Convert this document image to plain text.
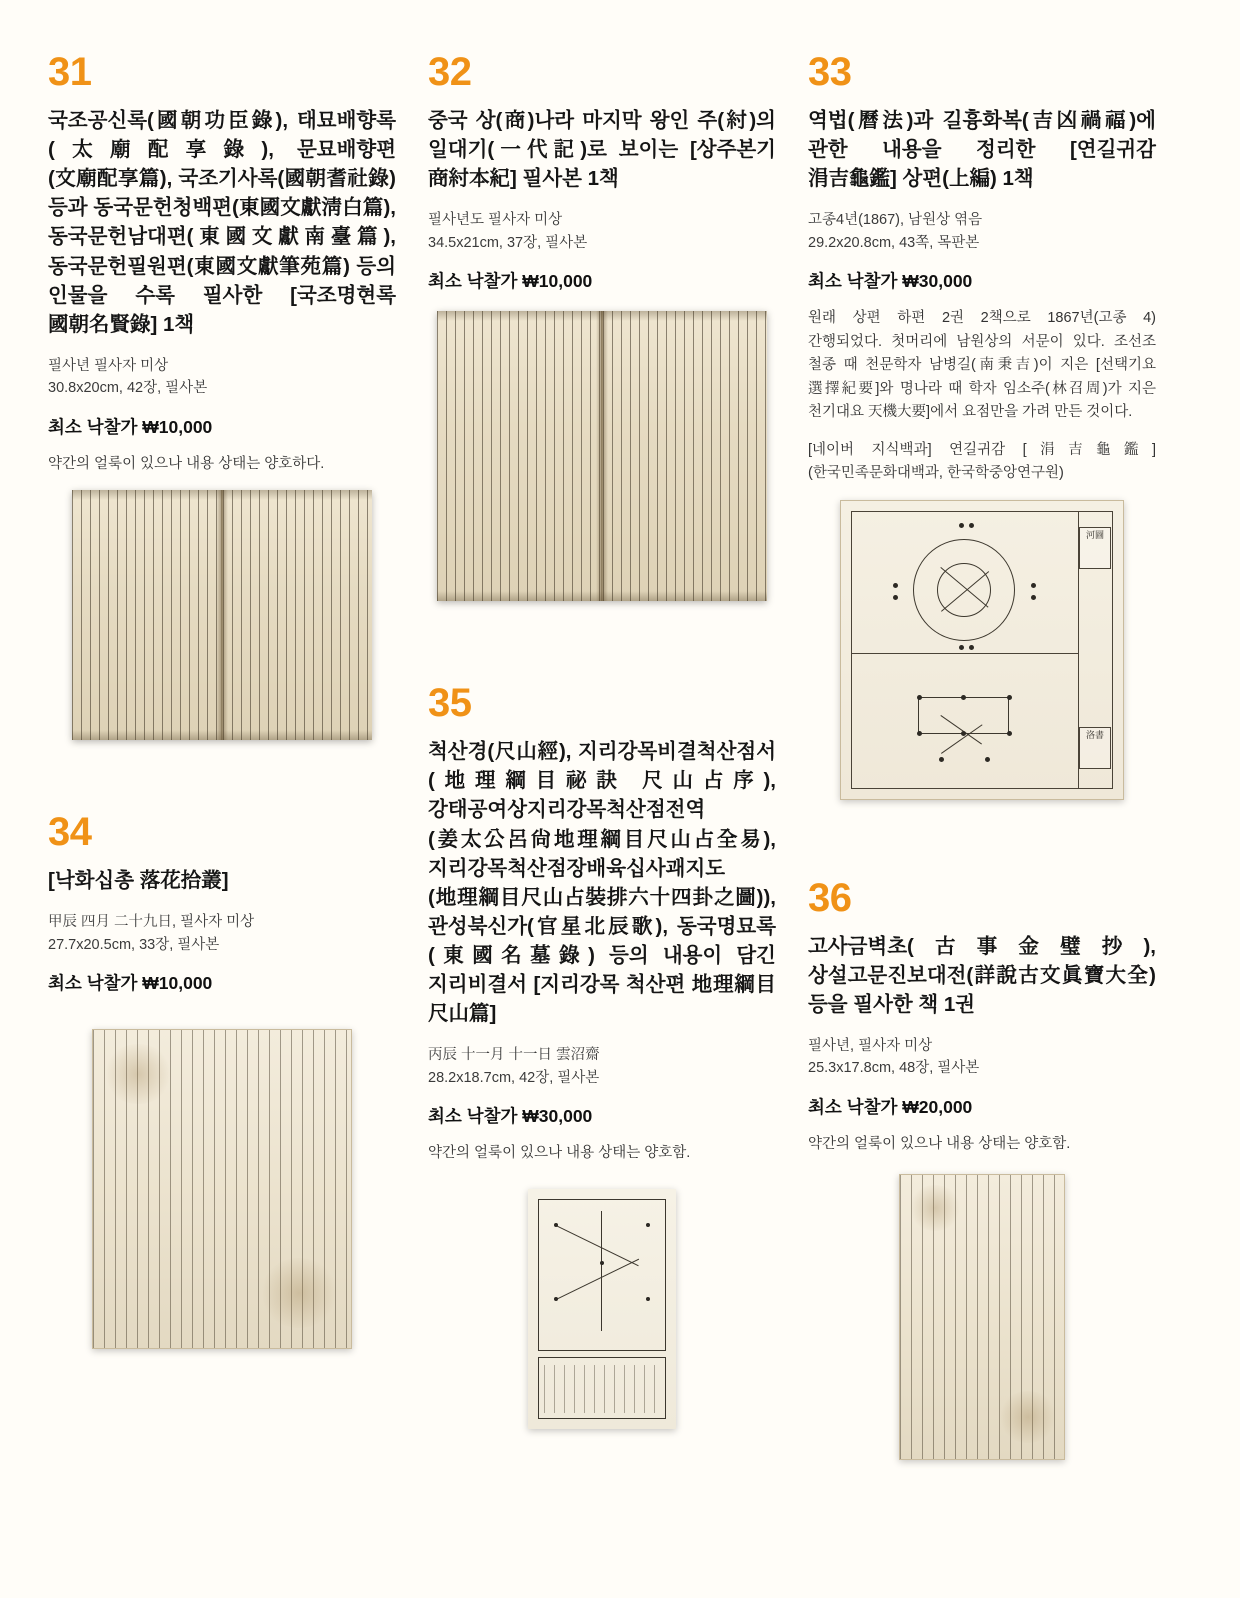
31
국조공신록(國朝功臣錄), 태묘배향록(太廟配享錄), 문묘배향편(文廟配享篇), 국조기사록(國朝耆社錄) 등과 동국문헌청백편(東國文獻淸白篇), 동국문헌남대편(東國文獻南臺篇), 동국문헌필원편(東國文獻筆苑篇) 등의 인물을 수록 필사한 [국조명현록 國朝名賢錄] 1책
필사년 필사자 미상
30.8x20cm, 42장, 필사본
최소 낙찰가 ₩10,000
약간의 얼룩이 있으나 내용 상태는 양호하다.
34
[낙화십총 落花拾叢]
甲辰 四月 二十九日, 필사자 미상
27.7x20.5cm, 33장, 필사본
최소 낙찰가 ₩10,000
32
중국 상(商)나라 마지막 왕인 주(紂)의 일대기(一代記)로 보이는 [상주본기 商紂本紀] 필사본 1책
필사년도 필사자 미상
34.5x21cm, 37장, 필사본
최소 낙찰가 ₩10,000
35
척산경(尺山經), 지리강목비결척산점서(地理綱目祕訣 尺山占序), 강태공여상지리강목척산점전역(姜太公呂尙地理綱目尺山占全易), 지리강목척산점장배육십사괘지도(地理綱目尺山占裝排六十四卦之圖)), 관성북신가(官星北辰歌), 동국명묘록(東國名墓錄) 등의 내용이 담긴 지리비결서 [지리강목 척산편 地理綱目 尺山篇]
丙辰 十一月 十一日 雲沼齋
28.2x18.7cm, 42장, 필사본
최소 낙찰가 ₩30,000
약간의 얼룩이 있으나 내용 상태는 양호함.
33
역법(曆法)과 길흉화복(吉凶禍福)에 관한 내용을 정리한 [연길귀감 涓吉龜鑑] 상편(上編) 1책
고종4년(1867), 남원상 엮음
29.2x20.8cm, 43쪽, 목판본
최소 낙찰가 ₩30,000
원래 상편 하편 2권 2책으로 1867년(고종 4) 간행되었다. 첫머리에 남원상의 서문이 있다. 조선조 철종 때 천문학자 남병길(南秉吉)이 지은 [선택기요 選擇紀要]와 명나라 때 학자 임소주(林召周)가 지은 천기대요 天機大要]에서 요점만을 가려 만든 것이다.
[네이버 지식백과] 연길귀감 [涓吉龜鑑] (한국민족문화대백과, 한국학중앙연구원)
河圖
洛書
36
고사금벽초(古事金璧抄), 상설고문진보대전(詳說古文眞寶大全) 등을 필사한 책 1권
필사년, 필사자 미상
25.3x17.8cm, 48장, 필사본
최소 낙찰가 ₩20,000
약간의 얼룩이 있으나 내용 상태는 양호함.
